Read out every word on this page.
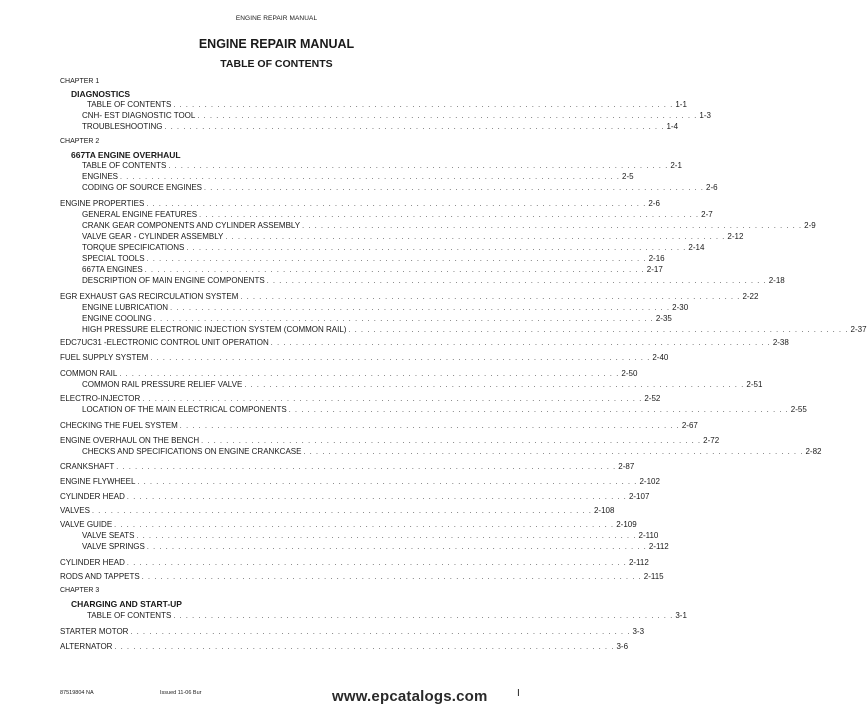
ENGINE REPAIR MANUAL
ENGINE REPAIR MANUAL
TABLE OF CONTENTS
CHAPTER 1
DIAGNOSTICS
TABLE OF CONTENTS . . . . . . . . . . . . . . . . . . . . . . . . . . . . . . . . . . . . . . . . . . . . . . . . . . . . . . . . . . . . . . . . . . . . . . . . . . . . . . . . 1-1
CNH- EST DIAGNOSTIC TOOL . . . . . . . . . . . . . . . . . . . . . . . . . . . . . . . . . . . . . . . . . . . . . . . . . . . . . . . . . . . . . . . . . . . . . . . . . . . . . . . . 1-3
TROUBLESHOOTING . . . . . . . . . . . . . . . . . . . . . . . . . . . . . . . . . . . . . . . . . . . . . . . . . . . . . . . . . . . . . . . . . . . . . . . . . . . . . . . . 1-4
CHAPTER 2
667TA ENGINE OVERHAUL
TABLE OF CONTENTS . . . . . . . . . . . . . . . . . . . . . . . . . . . . . . . . . . . . . . . . . . . . . . . . . . . . . . . . . . . . . . . . . . . . . . . . . . . . . . . . 2-1
ENGINES . . . . . . . . . . . . . . . . . . . . . . . . . . . . . . . . . . . . . . . . . . . . . . . . . . . . . . . . . . . . . . . . . . . . . . . . . . . . . . . . 2-5
CODING OF SOURCE ENGINES . . . . . . . . . . . . . . . . . . . . . . . . . . . . . . . . . . . . . . . . . . . . . . . . . . . . . . . . . . . . . . . . . . . . . . . . . . . . . . . . 2-6
ENGINE PROPERTIES . . . . . . . . . . . . . . . . . . . . . . . . . . . . . . . . . . . . . . . . . . . . . . . . . . . . . . . . . . . . . . . . . . . . . . . . . . . . . . . . 2-6
GENERAL ENGINE FEATURES . . . . . . . . . . . . . . . . . . . . . . . . . . . . . . . . . . . . . . . . . . . . . . . . . . . . . . . . . . . . . . . . . . . . . . . . . . . . . . . . 2-7
CRANK GEAR COMPONENTS AND CYLINDER ASSEMBLY . . . . . . . . . . . . . . . . . . . . . . . . . . . . . . . . . . . . . . . . . . . . . . . . . . . . . . . . . . . . . . . . . . . . . . . . . . . . . . . . 2-9
VALVE GEAR - CYLINDER ASSEMBLY . . . . . . . . . . . . . . . . . . . . . . . . . . . . . . . . . . . . . . . . . . . . . . . . . . . . . . . . . . . . . . . . . . . . . . . . . . . . . . . . 2-12
TORQUE SPECIFICATIONS . . . . . . . . . . . . . . . . . . . . . . . . . . . . . . . . . . . . . . . . . . . . . . . . . . . . . . . . . . . . . . . . . . . . . . . . . . . . . . . . 2-14
SPECIAL TOOLS . . . . . . . . . . . . . . . . . . . . . . . . . . . . . . . . . . . . . . . . . . . . . . . . . . . . . . . . . . . . . . . . . . . . . . . . . . . . . . . . 2-16
667TA ENGINES . . . . . . . . . . . . . . . . . . . . . . . . . . . . . . . . . . . . . . . . . . . . . . . . . . . . . . . . . . . . . . . . . . . . . . . . . . . . . . . . 2-17
DESCRIPTION OF MAIN ENGINE COMPONENTS . . . . . . . . . . . . . . . . . . . . . . . . . . . . . . . . . . . . . . . . . . . . . . . . . . . . . . . . . . . . . . . . . . . . . . . . . . . . . . . . 2-18
EGR EXHAUST GAS RECIRCULATION SYSTEM . . . . . . . . . . . . . . . . . . . . . . . . . . . . . . . . . . . . . . . . . . . . . . . . . . . . . . . . . . . . . . . . . . . . . . . . . . . . . . . . 2-22
ENGINE LUBRICATION . . . . . . . . . . . . . . . . . . . . . . . . . . . . . . . . . . . . . . . . . . . . . . . . . . . . . . . . . . . . . . . . . . . . . . . . . . . . . . . . 2-30
ENGINE COOLING . . . . . . . . . . . . . . . . . . . . . . . . . . . . . . . . . . . . . . . . . . . . . . . . . . . . . . . . . . . . . . . . . . . . . . . . . . . . . . . . 2-35
HIGH PRESSURE ELECTRONIC INJECTION SYSTEM (COMMON RAIL) . . . . . . . . . . . . . . . . . . . . . . . . . . . . . . . . . . . . . . . . . . . . . . . . . . . . . . . . . . . . . . . . . . . . . . . . . . . . . . . . 2-37
EDC7UC31 -ELECTRONIC CONTROL UNIT OPERATION . . . . . . . . . . . . . . . . . . . . . . . . . . . . . . . . . . . . . . . . . . . . . . . . . . . . . . . . . . . . . . . . . . . . . . . . . . . . . . . . 2-38
FUEL SUPPLY SYSTEM . . . . . . . . . . . . . . . . . . . . . . . . . . . . . . . . . . . . . . . . . . . . . . . . . . . . . . . . . . . . . . . . . . . . . . . . . . . . . . . . 2-40
COMMON RAIL . . . . . . . . . . . . . . . . . . . . . . . . . . . . . . . . . . . . . . . . . . . . . . . . . . . . . . . . . . . . . . . . . . . . . . . . . . . . . . . . 2-50
COMMON RAIL PRESSURE RELIEF VALVE . . . . . . . . . . . . . . . . . . . . . . . . . . . . . . . . . . . . . . . . . . . . . . . . . . . . . . . . . . . . . . . . . . . . . . . . . . . . . . . . 2-51
ELECTRO-INJECTOR . . . . . . . . . . . . . . . . . . . . . . . . . . . . . . . . . . . . . . . . . . . . . . . . . . . . . . . . . . . . . . . . . . . . . . . . . . . . . . . . 2-52
LOCATION OF THE MAIN ELECTRICAL COMPONENTS . . . . . . . . . . . . . . . . . . . . . . . . . . . . . . . . . . . . . . . . . . . . . . . . . . . . . . . . . . . . . . . . . . . . . . . . . . . . . . . . 2-55
CHECKING THE FUEL SYSTEM . . . . . . . . . . . . . . . . . . . . . . . . . . . . . . . . . . . . . . . . . . . . . . . . . . . . . . . . . . . . . . . . . . . . . . . . . . . . . . . . 2-67
ENGINE OVERHAUL ON THE BENCH . . . . . . . . . . . . . . . . . . . . . . . . . . . . . . . . . . . . . . . . . . . . . . . . . . . . . . . . . . . . . . . . . . . . . . . . . . . . . . . . 2-72
CHECKS AND SPECIFICATIONS ON ENGINE CRANKCASE . . . . . . . . . . . . . . . . . . . . . . . . . . . . . . . . . . . . . . . . . . . . . . . . . . . . . . . . . . . . . . . . . . . . . . . . . . . . . . . . 2-82
CRANKSHAFT . . . . . . . . . . . . . . . . . . . . . . . . . . . . . . . . . . . . . . . . . . . . . . . . . . . . . . . . . . . . . . . . . . . . . . . . . . . . . . . . 2-87
ENGINE FLYWHEEL . . . . . . . . . . . . . . . . . . . . . . . . . . . . . . . . . . . . . . . . . . . . . . . . . . . . . . . . . . . . . . . . . . . . . . . . . . . . . . . . 2-102
CYLINDER HEAD . . . . . . . . . . . . . . . . . . . . . . . . . . . . . . . . . . . . . . . . . . . . . . . . . . . . . . . . . . . . . . . . . . . . . . . . . . . . . . . . 2-107
VALVES . . . . . . . . . . . . . . . . . . . . . . . . . . . . . . . . . . . . . . . . . . . . . . . . . . . . . . . . . . . . . . . . . . . . . . . . . . . . . . . . 2-108
VALVE GUIDE . . . . . . . . . . . . . . . . . . . . . . . . . . . . . . . . . . . . . . . . . . . . . . . . . . . . . . . . . . . . . . . . . . . . . . . . . . . . . . . . 2-109
VALVE SEATS . . . . . . . . . . . . . . . . . . . . . . . . . . . . . . . . . . . . . . . . . . . . . . . . . . . . . . . . . . . . . . . . . . . . . . . . . . . . . . . . 2-110
VALVE SPRINGS . . . . . . . . . . . . . . . . . . . . . . . . . . . . . . . . . . . . . . . . . . . . . . . . . . . . . . . . . . . . . . . . . . . . . . . . . . . . . . . . 2-112
CYLINDER HEAD . . . . . . . . . . . . . . . . . . . . . . . . . . . . . . . . . . . . . . . . . . . . . . . . . . . . . . . . . . . . . . . . . . . . . . . . . . . . . . . . 2-112
RODS AND TAPPETS . . . . . . . . . . . . . . . . . . . . . . . . . . . . . . . . . . . . . . . . . . . . . . . . . . . . . . . . . . . . . . . . . . . . . . . . . . . . . . . . 2-115
CHAPTER 3
CHARGING AND START-UP
TABLE OF CONTENTS . . . . . . . . . . . . . . . . . . . . . . . . . . . . . . . . . . . . . . . . . . . . . . . . . . . . . . . . . . . . . . . . . . . . . . . . . . . . . . . . 3-1
STARTER MOTOR . . . . . . . . . . . . . . . . . . . . . . . . . . . . . . . . . . . . . . . . . . . . . . . . . . . . . . . . . . . . . . . . . . . . . . . . . . . . . . . . 3-3
ALTERNATOR . . . . . . . . . . . . . . . . . . . . . . . . . . . . . . . . . . . . . . . . . . . . . . . . . . . . . . . . . . . . . . . . . . . . . . . . . . . . . . . . 3-6
87519804 NA	Issued 11-06 Bur	www.epcatalogs.com	I
